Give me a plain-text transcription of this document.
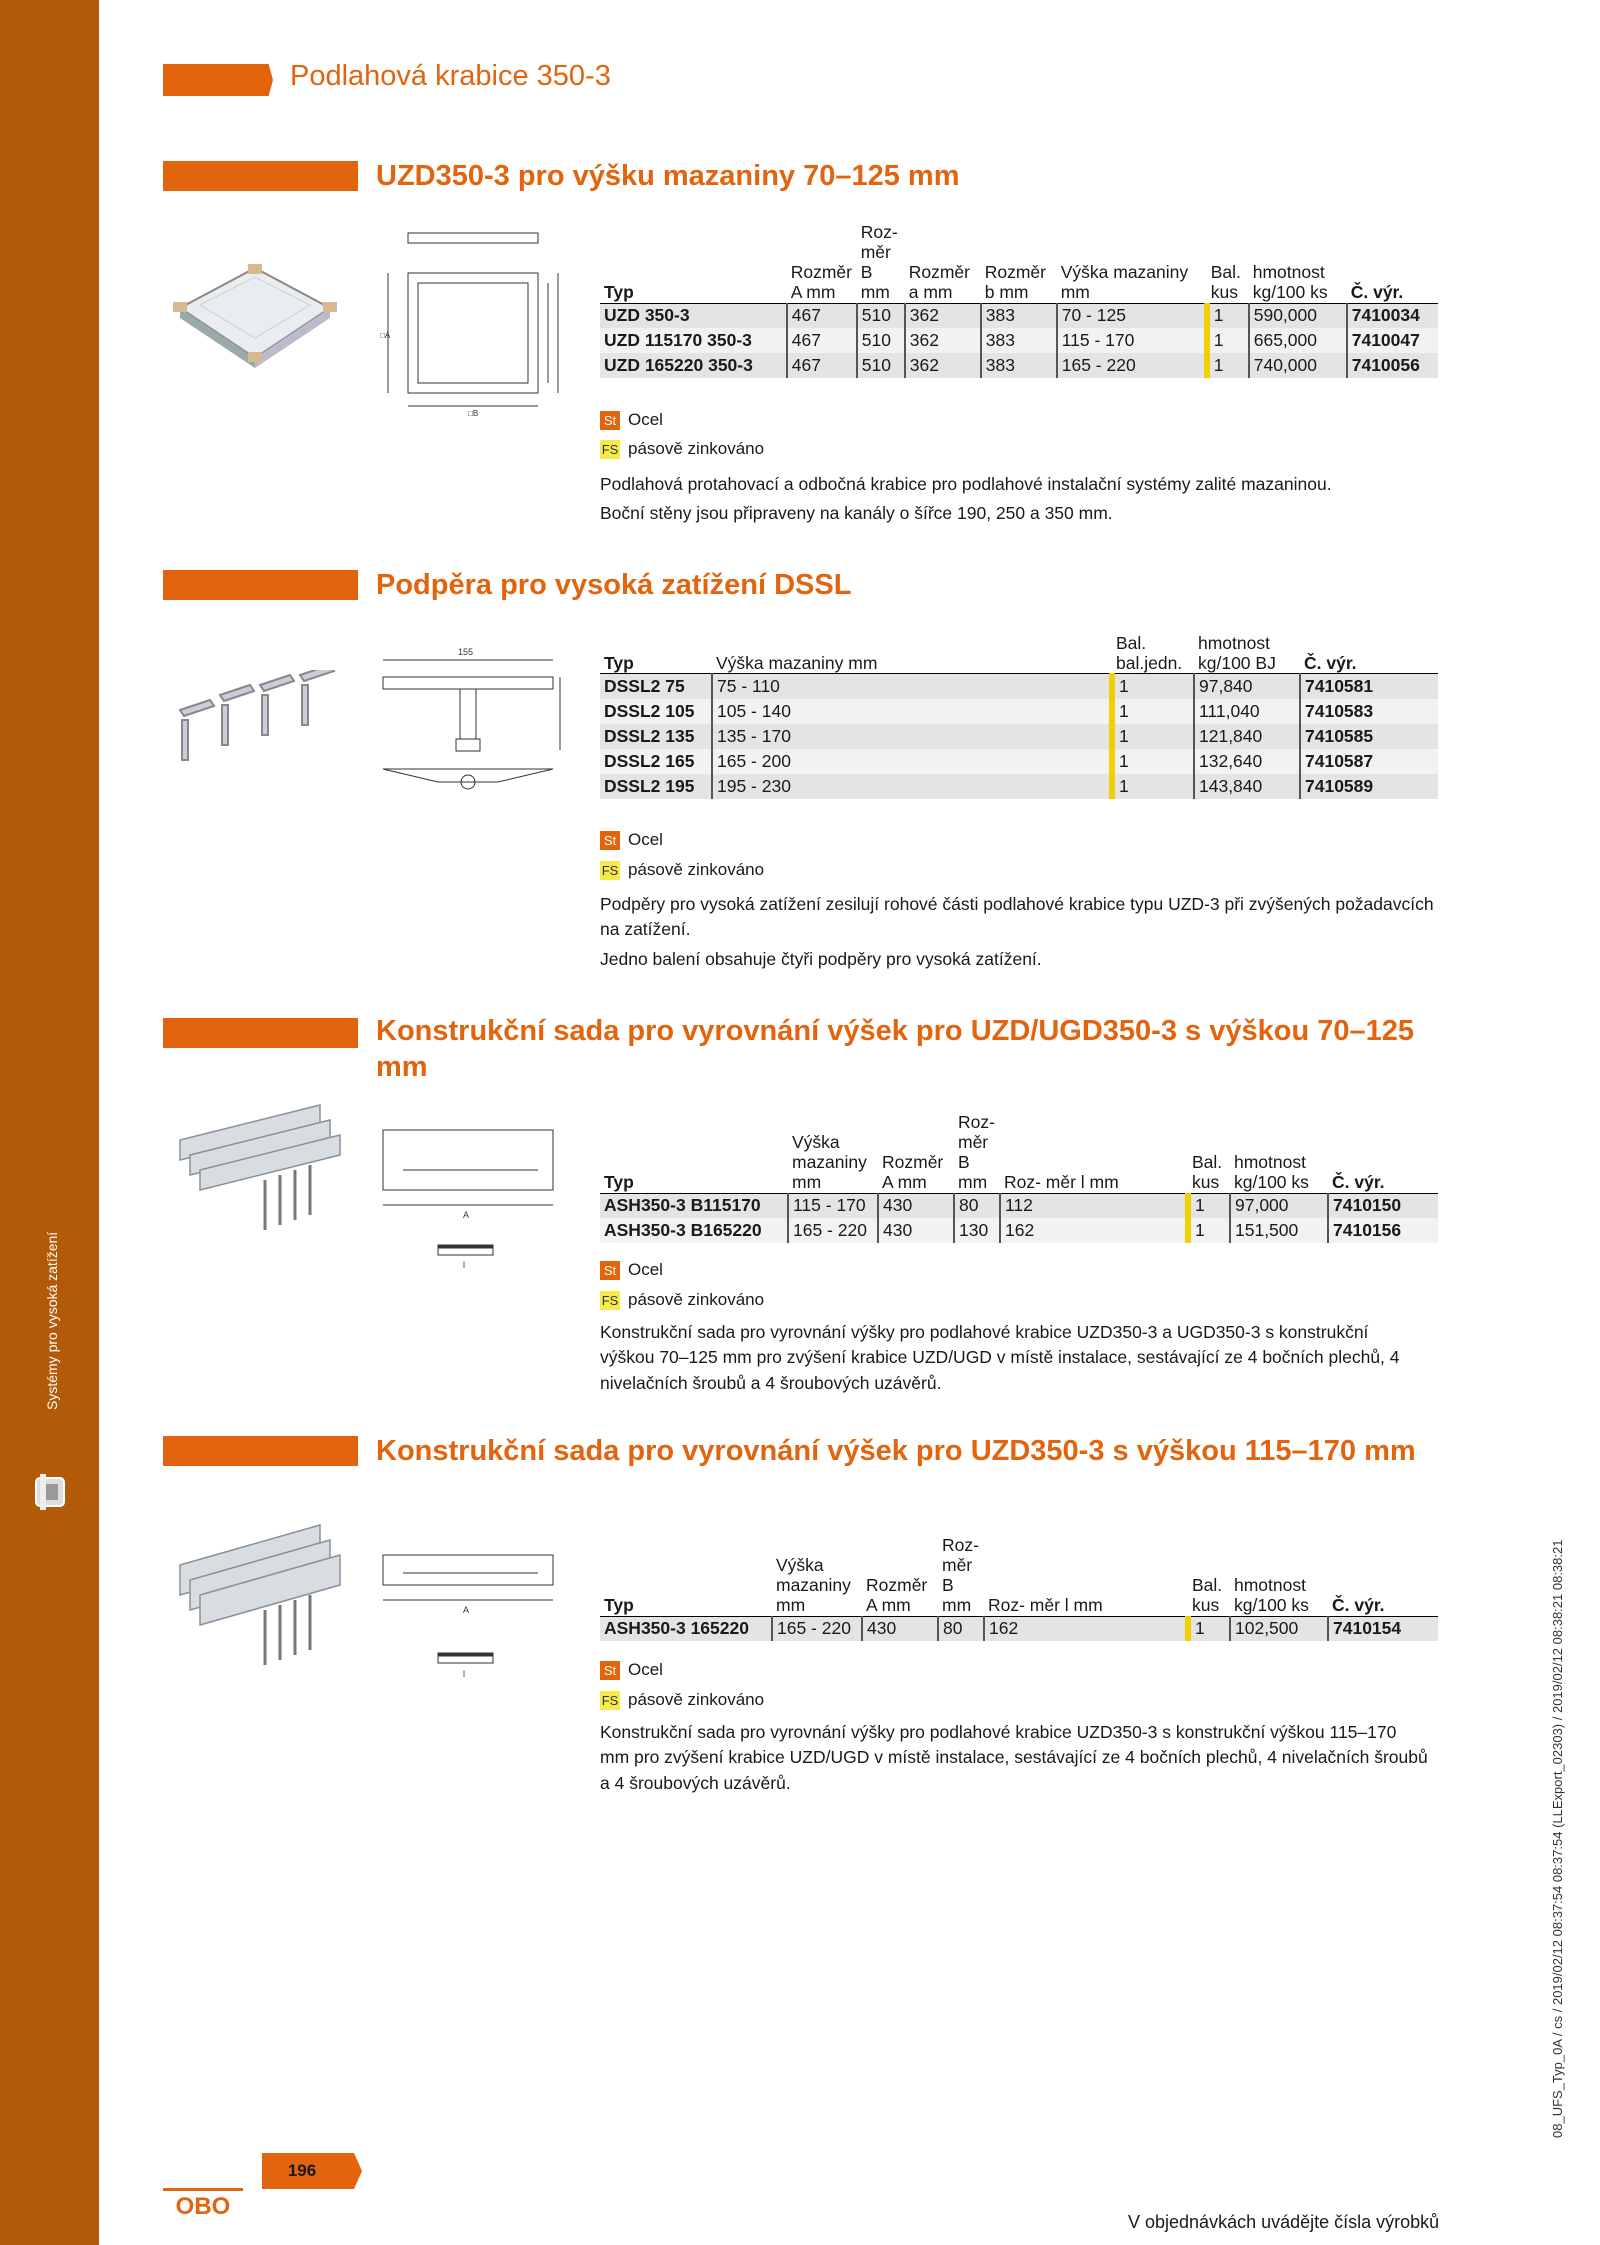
Systémy pro vysoká zatížení
Podlahová krabice 350-3
UZD350-3 pro výšku mazaniny 70–125 mm
□A
□B
Typ	Rozměr A mm	Roz- měr B mm	Rozměr a mm	Rozměr b mm	Výška mazaniny mm	Bal. kus	hmotnost kg/100 ks	Č. výr.
UZD 350-3	467	510	362	383	70 - 125	1	590,000	7410034
UZD 115170 350-3	467	510	362	383	115 - 170	1	665,000	7410047
UZD 165220 350-3	467	510	362	383	165 - 220	1	740,000	7410056
St Ocel
FS pásově zinkováno

Podlahová protahovací a odbočná krabice pro podlahové instalační systémy zalité mazaninou.

Boční stěny jsou připraveny na kanály o šířce 190, 250 a 350 mm.

Podpěra pro vysoká zatížení DSSL
155
Typ	Výška mazaniny mm	Bal. bal.jedn.	hmotnost kg/100 BJ	Č. výr.
DSSL2 75	75 - 110	1	97,840	7410581
DSSL2 105	105 - 140	1	111,040	7410583
DSSL2 135	135 - 170	1	121,840	7410585
DSSL2 165	165 - 200	1	132,640	7410587
DSSL2 195	195 - 230	1	143,840	7410589
St Ocel
FS pásově zinkováno

Podpěry pro vysoká zatížení zesilují rohové části podlahové krabice typu UZD-3 při zvýšených požadavcích na zatížení.

Jedno balení obsahuje čtyři podpěry pro vysoká zatížení.

Konstrukční sada pro vyrovnání výšek pro UZD/UGD350-3 s výškou 70–125 mm
A
l
Typ	Výška mazaniny mm	Rozměr A mm	Roz- měr B mm	Roz- měr l mm	Bal. kus	hmotnost kg/100 ks	Č. výr.
ASH350-3 B115170	115 - 170	430	80	112	1	97,000	7410150
ASH350-3 B165220	165 - 220	430	130	162	1	151,500	7410156
St Ocel
FS pásově zinkováno

Konstrukční sada pro vyrovnání výšky pro podlahové krabice UZD350-3 a UGD350-3 s konstrukční výškou 70–125 mm pro zvýšení krabice UZD/UGD v místě instalace, sestávající ze 4 bočních plechů, 4 nivelačních šroubů a 4 šroubových uzávěrů.

Konstrukční sada pro vyrovnání výšek pro UZD350-3 s výškou 115–170 mm
A
l
Typ	Výška mazaniny mm	Rozměr A mm	Roz- měr B mm	Roz- měr l mm	Bal. kus	hmotnost kg/100 ks	Č. výr.
ASH350-3 165220	165 - 220	430	80	162	1	102,500	7410154
St Ocel
FS pásově zinkováno

Konstrukční sada pro vyrovnání výšky pro podlahové krabice UZD350-3 s konstrukční výškou 115–170 mm pro zvýšení krabice UZD/UGD v místě instalace, sestávající ze 4 bočních plechů, 4 nivelačních šroubů a 4 šroubových uzávěrů.

OBO
196
V objednávkách uvádějte čísla výrobků
08_UFS_Typ_0A / cs / 2019/02/12 08:37:54 08:37:54 (LLExport_02303) / 2019/02/12 08:38:21 08:38:21
